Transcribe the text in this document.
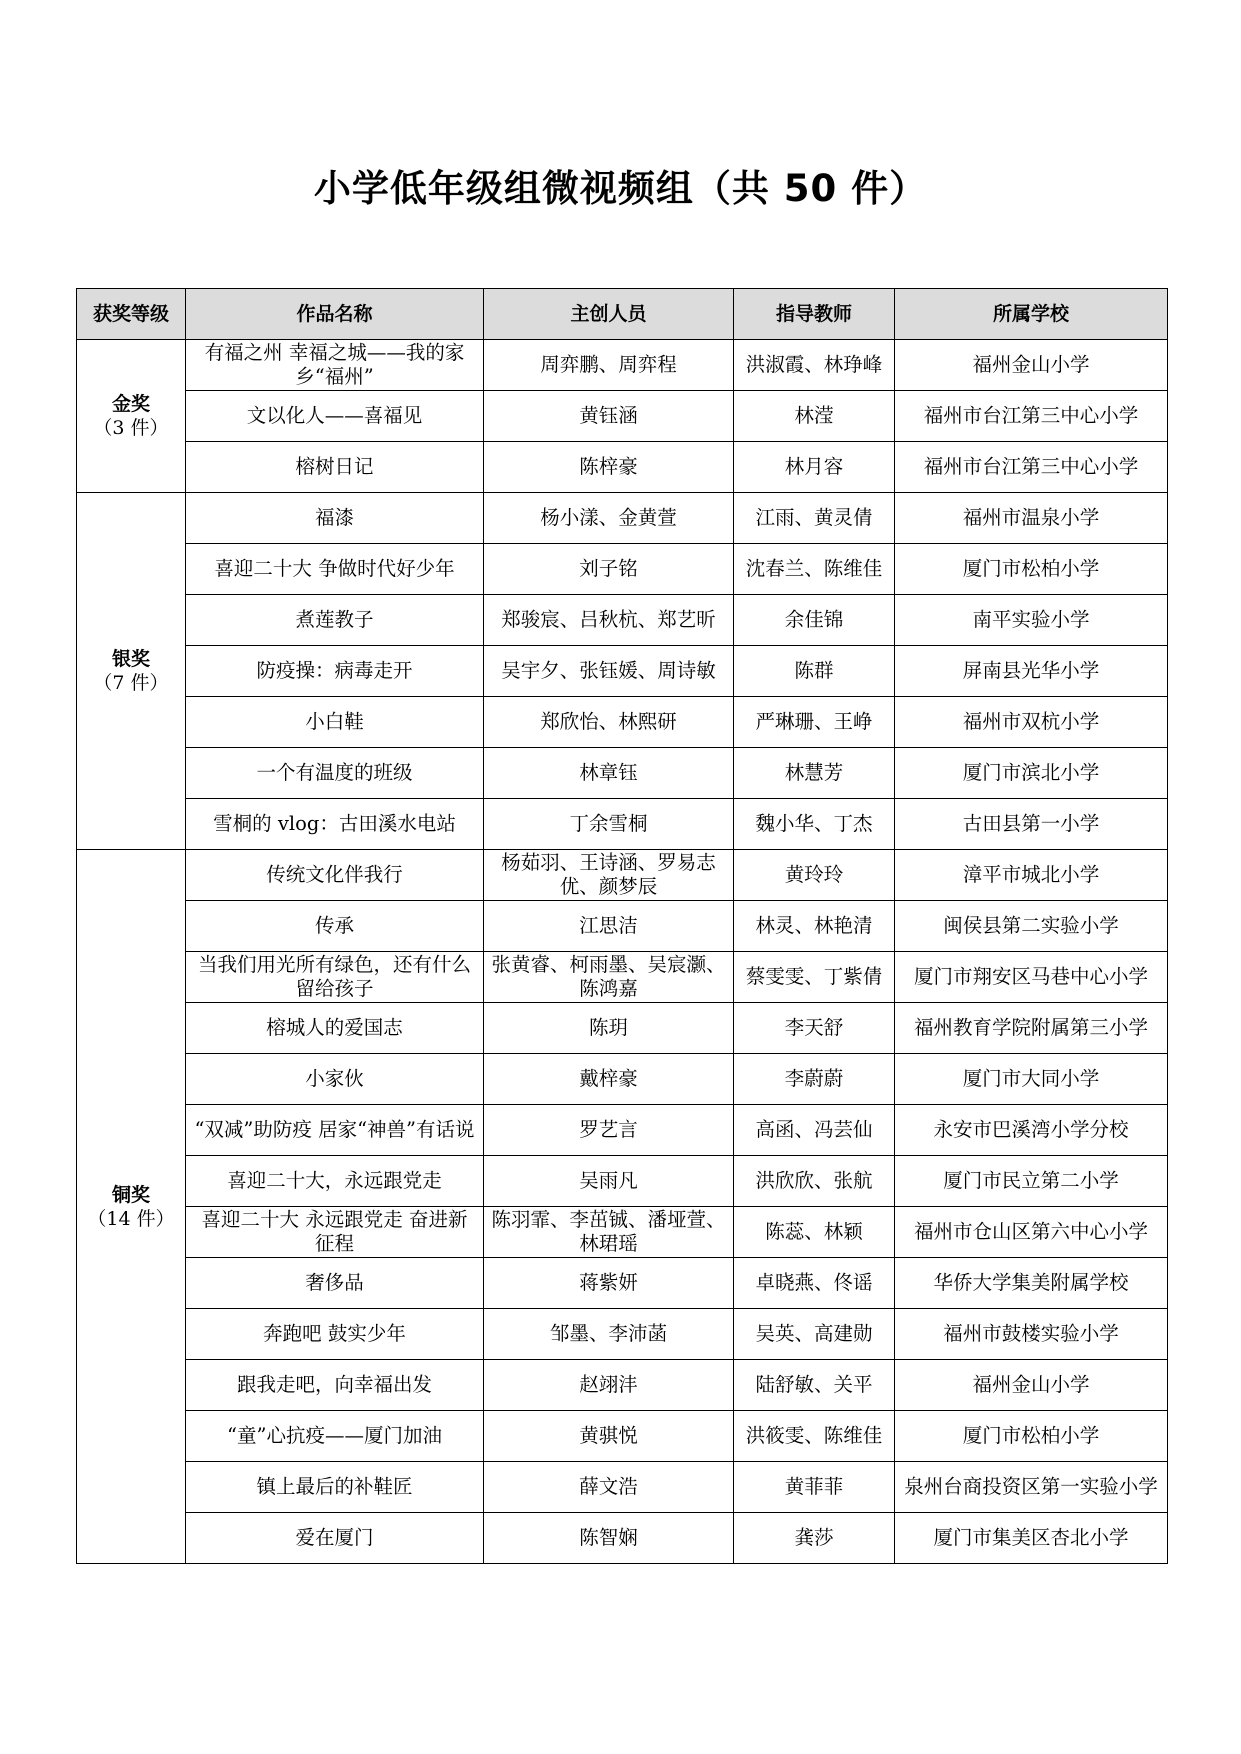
小学低年级组微视频组（共 50 件）
获奖等级	作品名称	主创人员	指导教师	所属学校

金奖
（3 件）	有福之州 幸福之城——我的家乡“福州”	周弈鹏、周弈程	洪淑霞、林琤峰	福州金山小学
	文以化人——喜福见	黄钰涵	林滢	福州市台江第三中心小学
	榕树日记	陈梓豪	林月容	福州市台江第三中心小学

银奖
（7 件）	福漆	杨小漾、金黄萱	江雨、黄灵倩	福州市温泉小学
	喜迎二十大 争做时代好少年	刘子铭	沈春兰、陈维佳	厦门市松柏小学
	煮莲教子	郑骏宸、吕秋杭、郑艺昕	余佳锦	南平实验小学
	防疫操：病毒走开	吴宇夕、张钰媛、周诗敏	陈群	屏南县光华小学
	小白鞋	郑欣怡、林熙研	严琳珊、王峥	福州市双杭小学
	一个有温度的班级	林章钰	林慧芳	厦门市滨北小学
	雪桐的 vlog：古田溪水电站	丁余雪桐	魏小华、丁杰	古田县第一小学

铜奖
（14 件）	传统文化伴我行	杨茹羽、王诗涵、罗易志优、颜梦辰	黄玲玲	漳平市城北小学
	传承	江思洁	林灵、林艳清	闽侯县第二实验小学
	当我们用光所有绿色，还有什么留给孩子	张黄睿、柯雨墨、吴宸灏、陈鸿嘉	蔡雯雯、丁紫倩	厦门市翔安区马巷中心小学
	榕城人的爱国志	陈玥	李天舒	福州教育学院附属第三小学
	小家伙	戴梓豪	李蔚蔚	厦门市大同小学
	“双减”助防疫 居家“神兽”有话说	罗艺言	高函、冯芸仙	永安市巴溪湾小学分校
	喜迎二十大，永远跟党走	吴雨凡	洪欣欣、张航	厦门市民立第二小学
	喜迎二十大 永远跟党走 奋进新征程	陈羽霏、李茁铖、潘垭萱、林珺瑶	陈蕊、林颖	福州市仓山区第六中心小学
	奢侈品	蒋紫妍	卓晓燕、佟谣	华侨大学集美附属学校
	奔跑吧 鼓实少年	邹墨、李沛菡	吴英、高建勋	福州市鼓楼实验小学
	跟我走吧，向幸福出发	赵翊沣	陆舒敏、关平	福州金山小学
	“童”心抗疫——厦门加油	黄骐悦	洪筱雯、陈维佳	厦门市松柏小学
	镇上最后的补鞋匠	薛文浩	黄菲菲	泉州台商投资区第一实验小学
	爱在厦门	陈智娴	龚莎	厦门市集美区杏北小学
